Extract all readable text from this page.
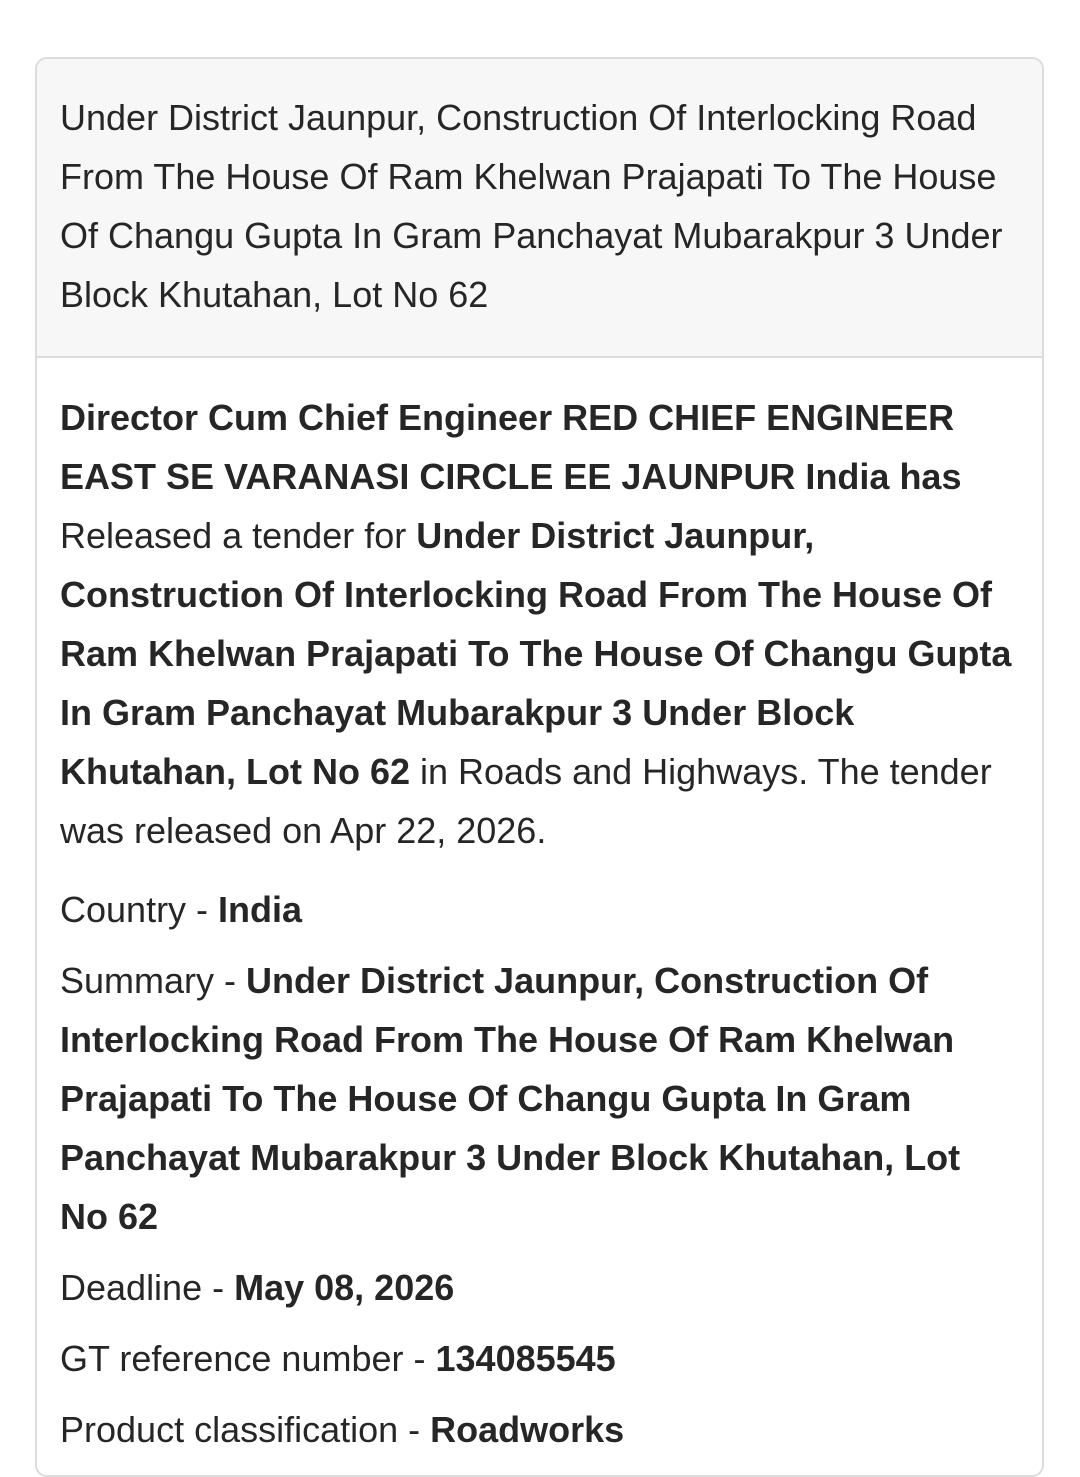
Under District Jaunpur, Construction Of Interlocking Road From The House Of Ram Khelwan Prajapati To The House Of Changu Gupta In Gram Panchayat Mubarakpur 3 Under Block Khutahan, Lot No 62

Director Cum Chief Engineer RED CHIEF ENGINEER EAST SE VARANASI CIRCLE EE JAUNPUR India has Released a tender for Under District Jaunpur, Construction Of Interlocking Road From The House Of Ram Khelwan Prajapati To The House Of Changu Gupta In Gram Panchayat Mubarakpur 3 Under Block Khutahan, Lot No 62 in Roads and Highways. The tender was released on Apr 22, 2026.

Country - India
Summary - Under District Jaunpur, Construction Of Interlocking Road From The House Of Ram Khelwan Prajapati To The House Of Changu Gupta In Gram Panchayat Mubarakpur 3 Under Block Khutahan, Lot No 62
Deadline - May 08, 2026
GT reference number - 134085545
Product classification - Roadworks
